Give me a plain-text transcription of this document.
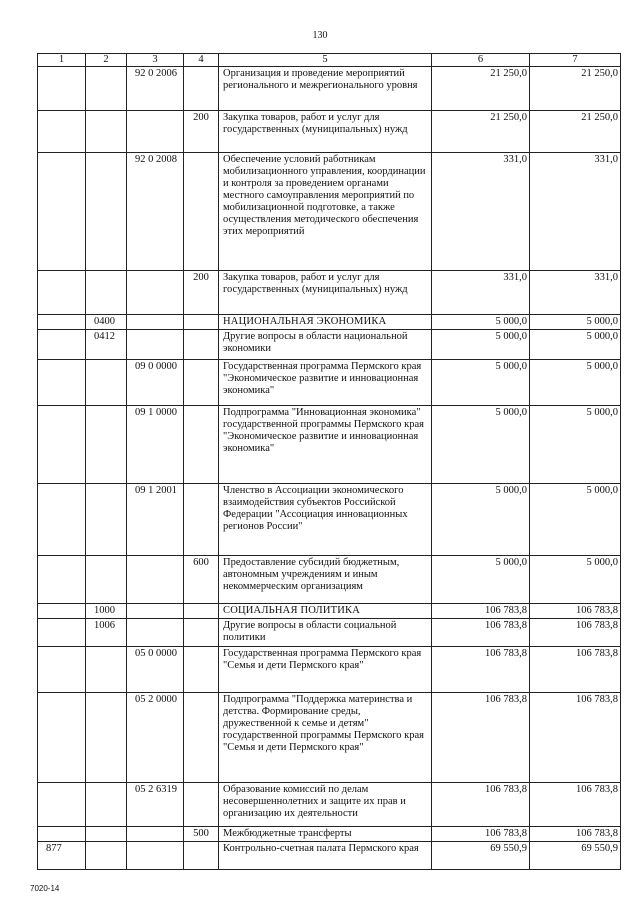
130
1	2	3	4	5	6	7
		92 0 2006		Организация и проведение мероприятий регионального и межрегионального уровня	21 250,0	21 250,0
			200	Закупка товаров, работ и услуг для государственных (муниципальных) нужд	21 250,0	21 250,0
		92 0 2008		Обеспечение условий работникам мобилизационного управления, координации и контроля за проведением органами местного самоуправления мероприятий по мобилизационной подготовке, а также осуществления методического обеспечения этих мероприятий	331,0	331,0
			200	Закупка товаров, работ и услуг для государственных (муниципальных) нужд	331,0	331,0
	0400			НАЦИОНАЛЬНАЯ ЭКОНОМИКА	5 000,0	5 000,0
	0412			Другие вопросы в области национальной экономики	5 000,0	5 000,0
		09 0 0000		Государственная программа Пермского края "Экономическое развитие и инновационная экономика"	5 000,0	5 000,0
		09 1 0000		Подпрограмма "Инновационная экономика" государственной программы Пермского края "Экономическое развитие и инновационная экономика"	5 000,0	5 000,0
		09 1 2001		Членство в Ассоциации экономического взаимодействия субъектов Российской Федерации "Ассоциация инновационных регионов России"	5 000,0	5 000,0
			600	Предоставление субсидий бюджетным, автономным учреждениям и иным некоммерческим организациям	5 000,0	5 000,0
	1000			СОЦИАЛЬНАЯ ПОЛИТИКА	106 783,8	106 783,8
	1006			Другие вопросы в области социальной политики	106 783,8	106 783,8
		05 0 0000		Государственная программа Пермского края "Семья и дети Пермского края"	106 783,8	106 783,8
		05 2 0000		Подпрограмма "Поддержка материнства и детства. Формирование среды, дружественной к семье и детям" государственной программы Пермского края "Семья и дети Пермского края"	106 783,8	106 783,8
		05 2 6319		Образование комиссий по делам несовершеннолетних и защите их прав и организацию их деятельности	106 783,8	106 783,8
			500	Межбюджетные трансферты	106 783,8	106 783,8
877				Контрольно-счетная палата Пермского края	69 550,9	69 550,9
7020-14
